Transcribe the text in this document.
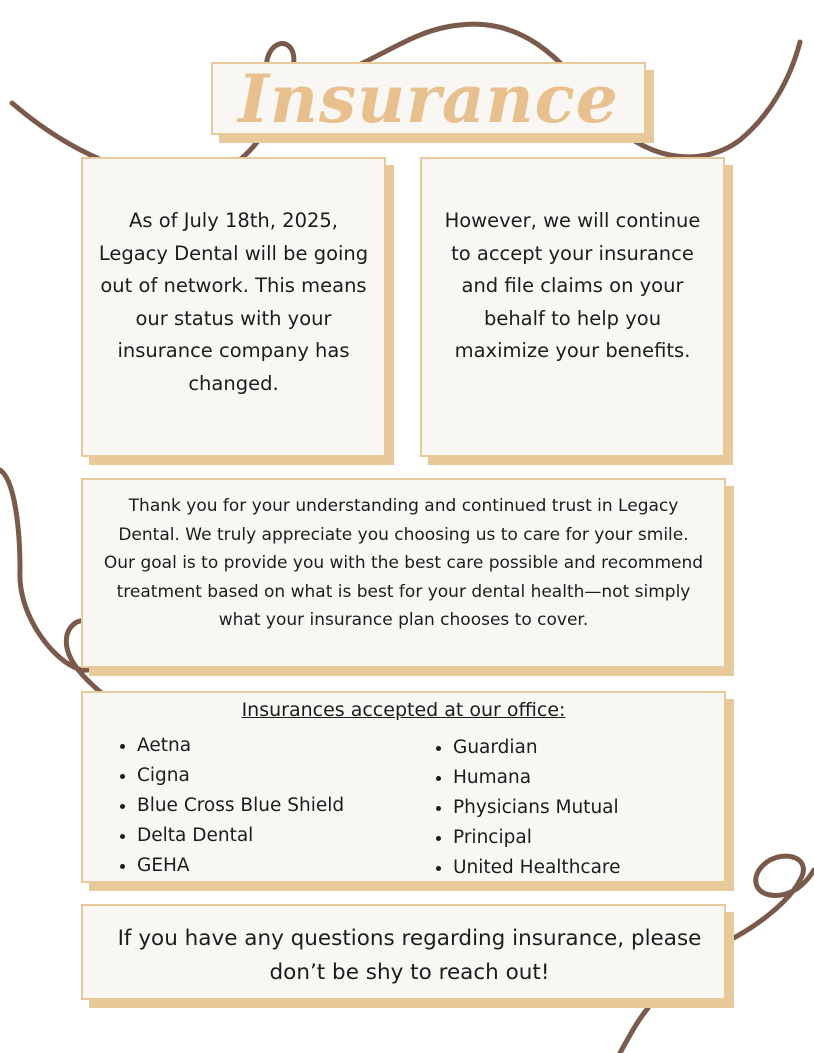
Insurance

As of July 18th, 2025, Legacy Dental will be going out of network. This means our status with your insurance company has changed.

However, we will continue to accept your insurance and file claims on your behalf to help you maximize your benefits.

Thank you for your understanding and continued trust in Legacy Dental. We truly appreciate you choosing us to care for your smile. Our goal is to provide you with the best care possible and recommend treatment based on what is best for your dental health—not simply what your insurance plan chooses to cover.

Insurances accepted at our office:
• Aetna
• Cigna
• Blue Cross Blue Shield
• Delta Dental
• GEHA
• Guardian
• Humana
• Physicians Mutual
• Principal
• United Healthcare

If you have any questions regarding insurance, please don’t be shy to reach out!
